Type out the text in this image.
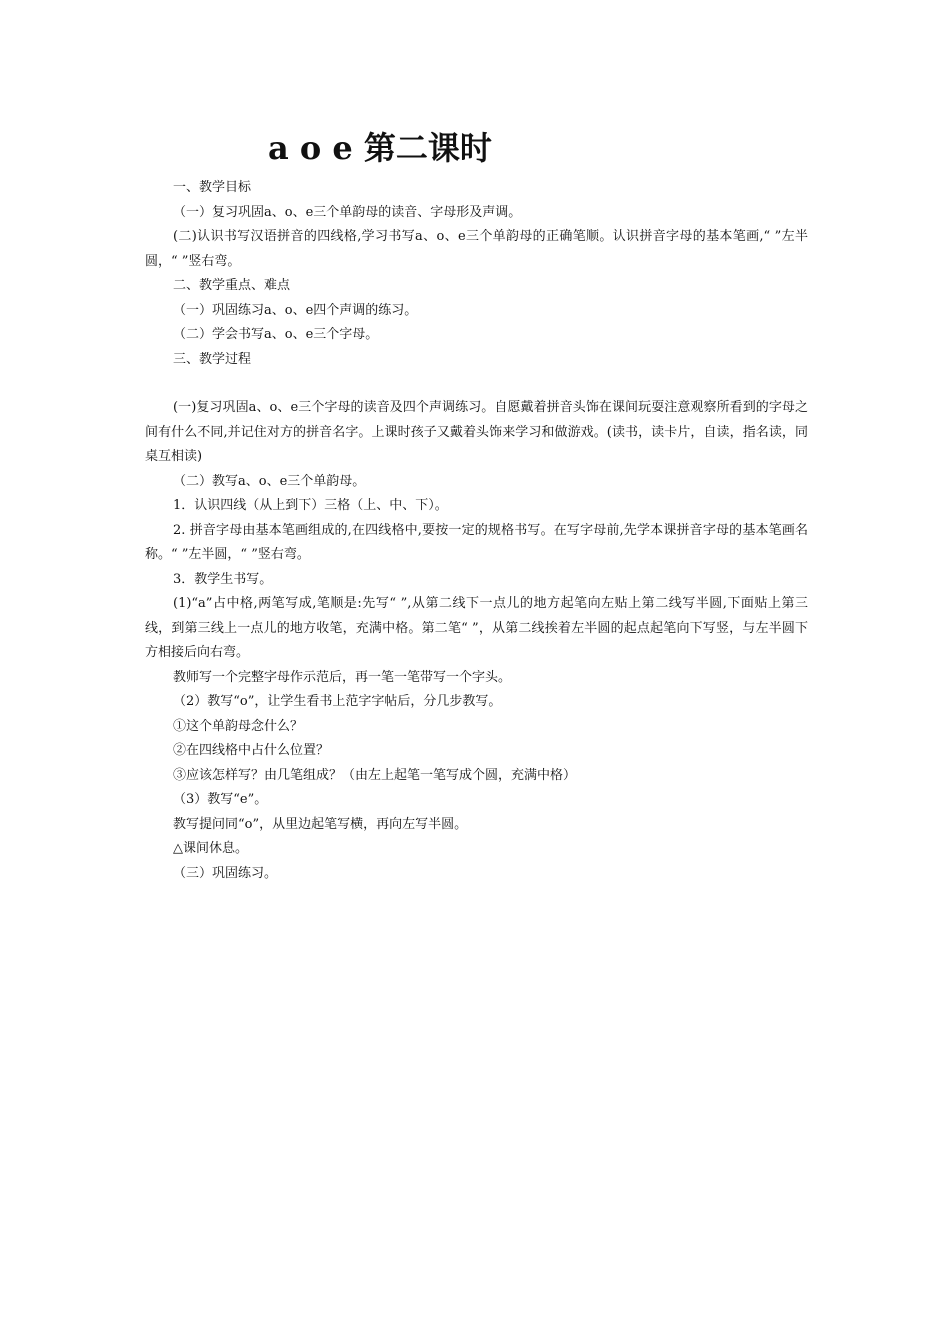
a o e 第二课时

一、教学目标

（一）复习巩固a、o、e三个单韵母的读音、字母形及声调。

(二)认识书写汉语拼音的四线格,学习书写a、o、e三个单韵母的正确笔顺。认识拼音字母的基本笔画,“ ”左半圆，“ ”竖右弯。

二、教学重点、难点

（一）巩固练习a、o、e四个声调的练习。

（二）学会书写a、o、e三个字母。

三、教学过程

(一)复习巩固a、o、e三个字母的读音及四个声调练习。自愿戴着拼音头饰在课间玩耍注意观察所看到的字母之间有什么不同,并记住对方的拼音名字。上课时孩子又戴着头饰来学习和做游戏。(读书，读卡片，自读，指名读，同桌互相读)

（二）教写a、o、e三个单韵母。

1．认识四线（从上到下）三格（上、中、下）。

2. 拼音字母由基本笔画组成的,在四线格中,要按一定的规格书写。在写字母前,先学本课拼音字母的基本笔画名称。“ ”左半圆，“ ”竖右弯。

3．教学生书写。

(1)“a”占中格,两笔写成,笔顺是:先写“ ”,从第二线下一点儿的地方起笔向左贴上第二线写半圆,下面贴上第三线，到第三线上一点儿的地方收笔，充满中格。第二笔“ ”，从第二线挨着左半圆的起点起笔向下写竖，与左半圆下方相接后向右弯。

教师写一个完整字母作示范后，再一笔一笔带写一个字头。

（2）教写“o”，让学生看书上范字字帖后，分几步教写。

①这个单韵母念什么？

②在四线格中占什么位置？

③应该怎样写？由几笔组成？（由左上起笔一笔写成个圆，充满中格）

（3）教写“e”。

教写提问同“o”，从里边起笔写横，再向左写半圆。

△课间休息。

（三）巩固练习。
